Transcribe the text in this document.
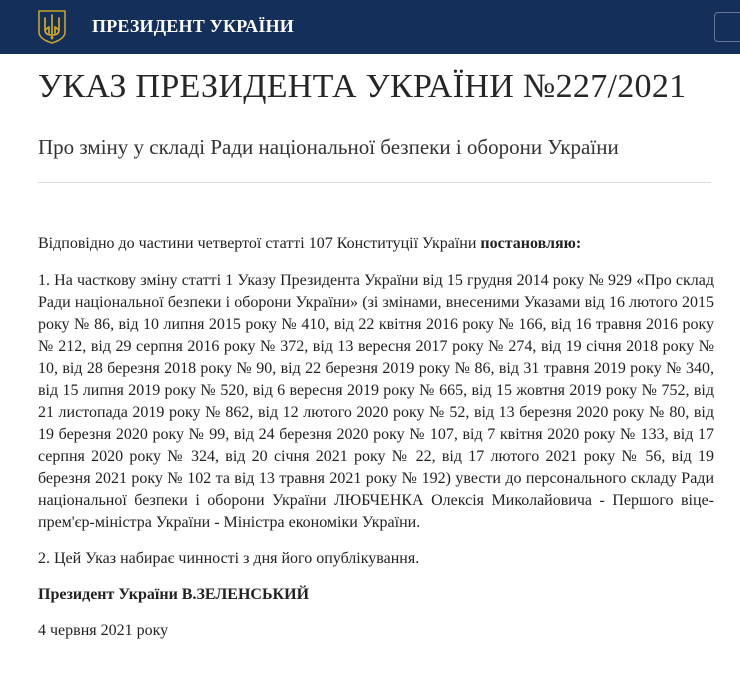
ПРЕЗИДЕНТ УКРАЇНИ
УКАЗ ПРЕЗИДЕНТА УКРАЇНИ №227/2021

Про зміну у складі Ради національної безпеки і оборони України

Відповідно до частини четвертої статті 107 Конституції України постановляю:

1. На часткову зміну статті 1 Указу Президента України від 15 грудня 2014 року № 929 «Про склад Ради національної безпеки і оборони України» (зі змінами, внесеними Указами від 16 лютого 2015 року № 86, від 10 липня 2015 року № 410, від 22 квітня 2016 року № 166, від 16 травня 2016 року № 212, від 29 серпня 2016 року № 372, від 13 вересня 2017 року № 274, від 19 січня 2018 року № 10, від 28 березня 2018 року № 90, від 22 березня 2019 року № 86, від 31 травня 2019 року № 340, від 15 липня 2019 року № 520, від 6 вересня 2019 року № 665, від 15 жовтня 2019 року № 752, від 21 листопада 2019 року № 862, від 12 лютого 2020 року № 52, від 13 березня 2020 року № 80, від 19 березня 2020 року № 99, від 24 березня 2020 року № 107, від 7 квітня 2020 року № 133, від 17 серпня 2020 року № 324, від 20 січня 2021 року № 22, від 17 лютого 2021 року № 56, від 19 березня 2021 року № 102 та від 13 травня 2021 року № 192) увести до персонального складу Ради національної безпеки і оборони України ЛЮБЧЕНКА Олексія Миколайовича - Першого віце-прем'єр-міністра України - Міністра економіки України.

2. Цей Указ набирає чинності з дня його опублікування.

Президент України В.ЗЕЛЕНСЬКИЙ

4 червня 2021 року
